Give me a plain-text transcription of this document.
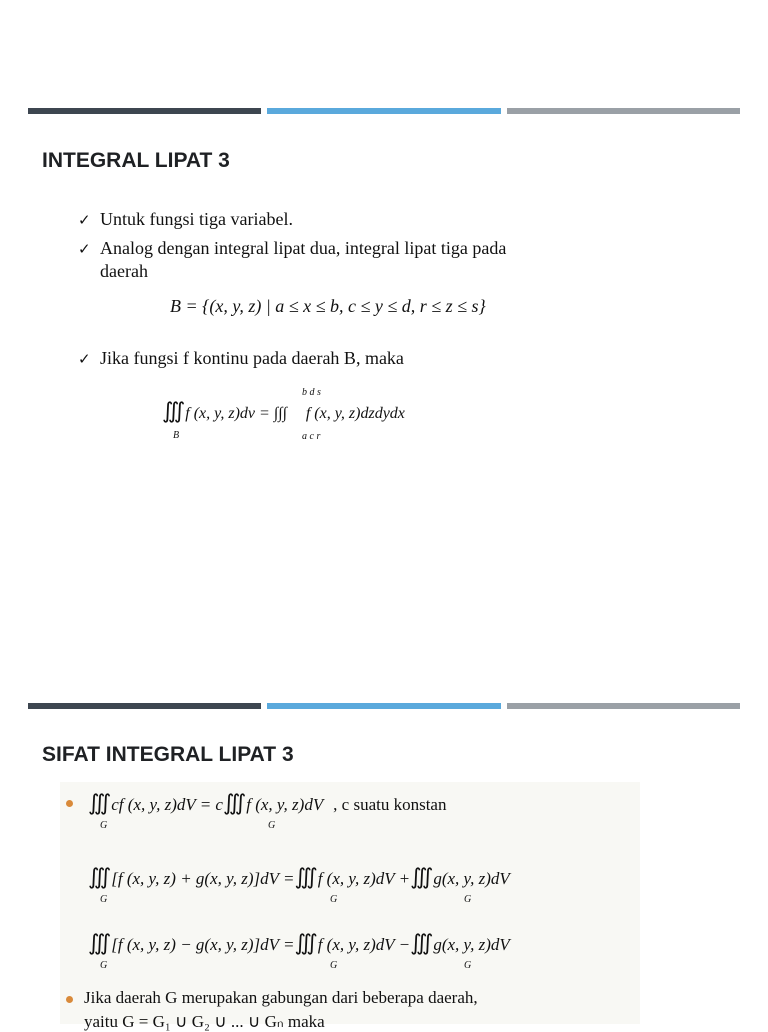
INTEGRAL LIPAT 3
✓ Untuk fungsi tiga variabel.
✓ Analog dengan integral lipat dua, integral lipat tiga pada
daerah
B = {(x, y, z) | a ≤ x ≤ b, c ≤ y ≤ d, r ≤ z ≤ s}
✓ Jika fungsi f kontinu pada daerah B, maka
∭ f (x, y, z)dv = ∫∫∫ f (x, y, z)dzdydx
B
b d s
a c r
SIFAT INTEGRAL LIPAT 3
∭ cf (x, y, z)dV = c∭ f (x, y, z)dV , c suatu konstan
G	G
∭ [f (x, y, z) + g(x, y, z)]dV =∭ f (x, y, z)dV +∭ g(x, y, z)dV
G	G	G
∭ [f (x, y, z) − g(x, y, z)]dV =∭ f (x, y, z)dV −∭ g(x, y, z)dV
G	G	G
Jika daerah G merupakan gabungan dari beberapa daerah,
yaitu G = G₁ ∪ G₂ ∪ ... ∪ Gₙ maka
